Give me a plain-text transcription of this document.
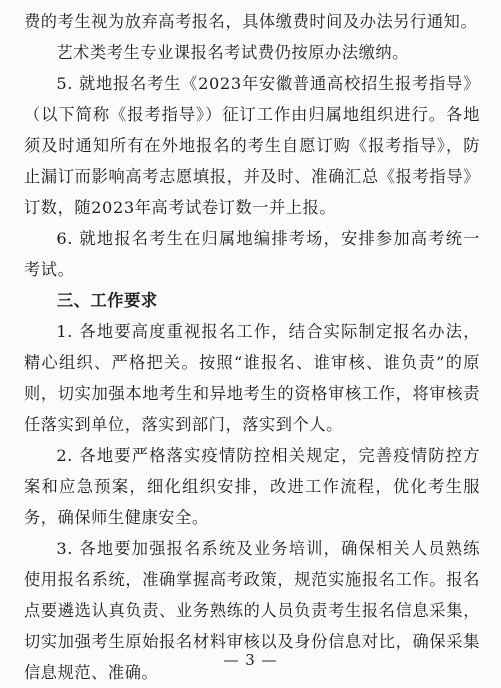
费的考生视为放弃高考报名，具体缴费时间及办法另行通知。

艺术类考生专业课报名考试费仍按原办法缴纳。

5. 就地报名考生《2023年安徽普通高校招生报考指导》（以下简称《报考指导》）征订工作由归属地组织进行。各地须及时通知所有在外地报名的考生自愿订购《报考指导》，防止漏订而影响高考志愿填报，并及时、准确汇总《报考指导》订数，随2023年高考试卷订数一并上报。

6. 就地报名考生在归属地编排考场，安排参加高考统一考试。

三、工作要求

1. 各地要高度重视报名工作，结合实际制定报名办法，精心组织、严格把关。按照“谁报名、谁审核、谁负责”的原则，切实加强本地考生和异地考生的资格审核工作，将审核责任落实到单位，落实到部门，落实到个人。

2. 各地要严格落实疫情防控相关规定，完善疫情防控方案和应急预案，细化组织安排，改进工作流程，优化考生服务，确保师生健康安全。

3. 各地要加强报名系统及业务培训，确保相关人员熟练使用报名系统，准确掌握高考政策，规范实施报名工作。报名点要遴选认真负责、业务熟练的人员负责考生报名信息采集，切实加强考生原始报名材料审核以及身份信息对比，确保采集信息规范、准确。

— 3 —
